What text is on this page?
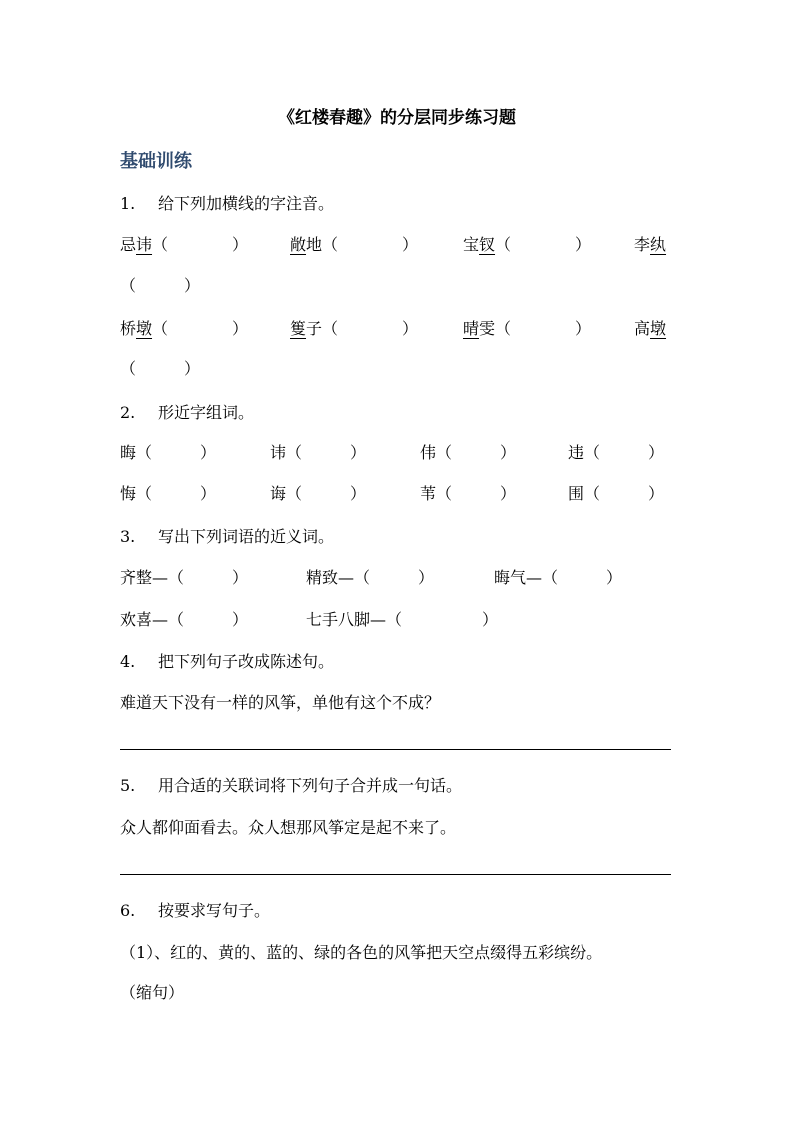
《红楼春趣》的分层同步练习题
基础训练
1. 给下列加横线的字注音。
忌讳（　　　　）	敞地（　　　　）	宝钗（　　　　）	李纨
（　　　）
桥墩（　　　　）	篗子（　　　　）	晴雯（　　　　）	高墩
（　　　）
2. 形近字组词。
晦（　　　）	讳（　　　）	伟（　　　）	违（　　　）
悔（　　　）	诲（　　　）	苇（　　　）	围（　　　）
3. 写出下列词语的近义词。
齐整—（　　　）	精致—（　　　）	晦气—（　　　）
欢喜—（　　　）	七手八脚—（　　　　　）
4. 把下列句子改成陈述句。
难道天下没有一样的风筝，单他有这个不成？
5. 用合适的关联词将下列句子合并成一句话。
众人都仰面看去。众人想那风筝定是起不来了。
6. 按要求写句子。
（1）、红的、黄的、蓝的、绿的各色的风筝把天空点缀得五彩缤纷。
（缩句）
